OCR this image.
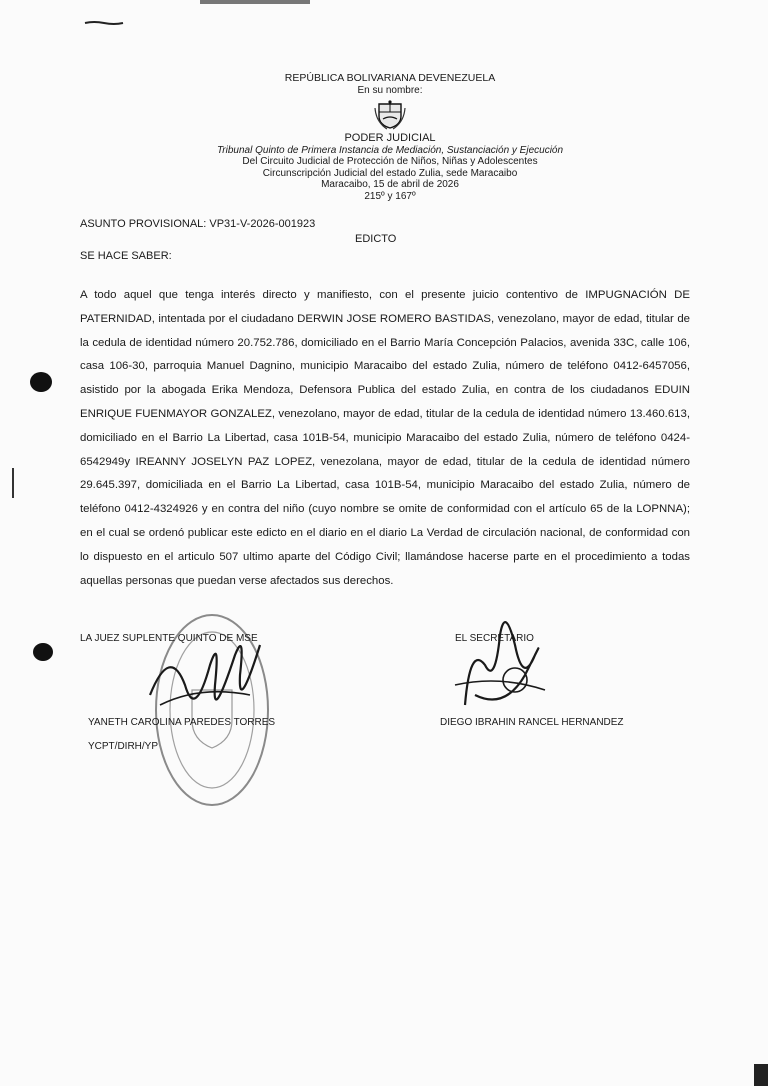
REPÚBLICA BOLIVARIANA DEVENEZUELA
En su nombre:
PODER JUDICIAL
Tribunal Quinto de Primera Instancia de Mediación, Sustanciación y Ejecución
Del Circuito Judicial de Protección de Niños, Niñas y Adolescentes
Circunscripción Judicial del estado Zulia, sede Maracaibo
Maracaibo, 15 de abril de 2026
215º y 167º
ASUNTO PROVISIONAL: VP31-V-2026-001923
EDICTO
SE HACE SABER:
A todo aquel que tenga interés directo y manifiesto, con el presente juicio contentivo de IMPUGNACIÓN DE PATERNIDAD, intentada por el ciudadano DERWIN JOSE ROMERO BASTIDAS, venezolano, mayor de edad, titular de la cedula de identidad número 20.752.786, domiciliado en el Barrio María Concepción Palacios, avenida 33C, calle 106, casa 106-30, parroquia Manuel Dagnino, municipio Maracaibo del estado Zulia, número de teléfono 0412-6457056, asistido por la abogada Erika Mendoza, Defensora Publica del estado Zulia, en contra de los ciudadanos EDUIN ENRIQUE FUENMAYOR GONZALEZ, venezolano, mayor de edad, titular de la cedula de identidad número 13.460.613, domiciliado en el Barrio La Libertad, casa 101B-54, municipio Maracaibo del estado Zulia, número de teléfono 0424-6542949y IREANNY JOSELYN PAZ LOPEZ, venezolana, mayor de edad, titular de la cedula de identidad número 29.645.397, domiciliada en el Barrio La Libertad, casa 101B-54, municipio Maracaibo del estado Zulia, número de teléfono 0412-4324926 y en contra del niño (cuyo nombre se omite de conformidad con el artículo 65 de la LOPNNA); en el cual se ordenó publicar este edicto en el diario en el diario La Verdad de circulación nacional, de conformidad con lo dispuesto en el articulo 507 ultimo aparte del Código Civil; llamándose hacerse parte en el procedimiento a todas aquellas personas que puedan verse afectados sus derechos.
LA JUEZ SUPLENTE QUINTO DE MSE
YANETH CAROLINA PAREDES TORRES
YCPT/DIRH/YP
EL SECRETARIO
DIEGO IBRAHIN RANCEL HERNANDEZ
